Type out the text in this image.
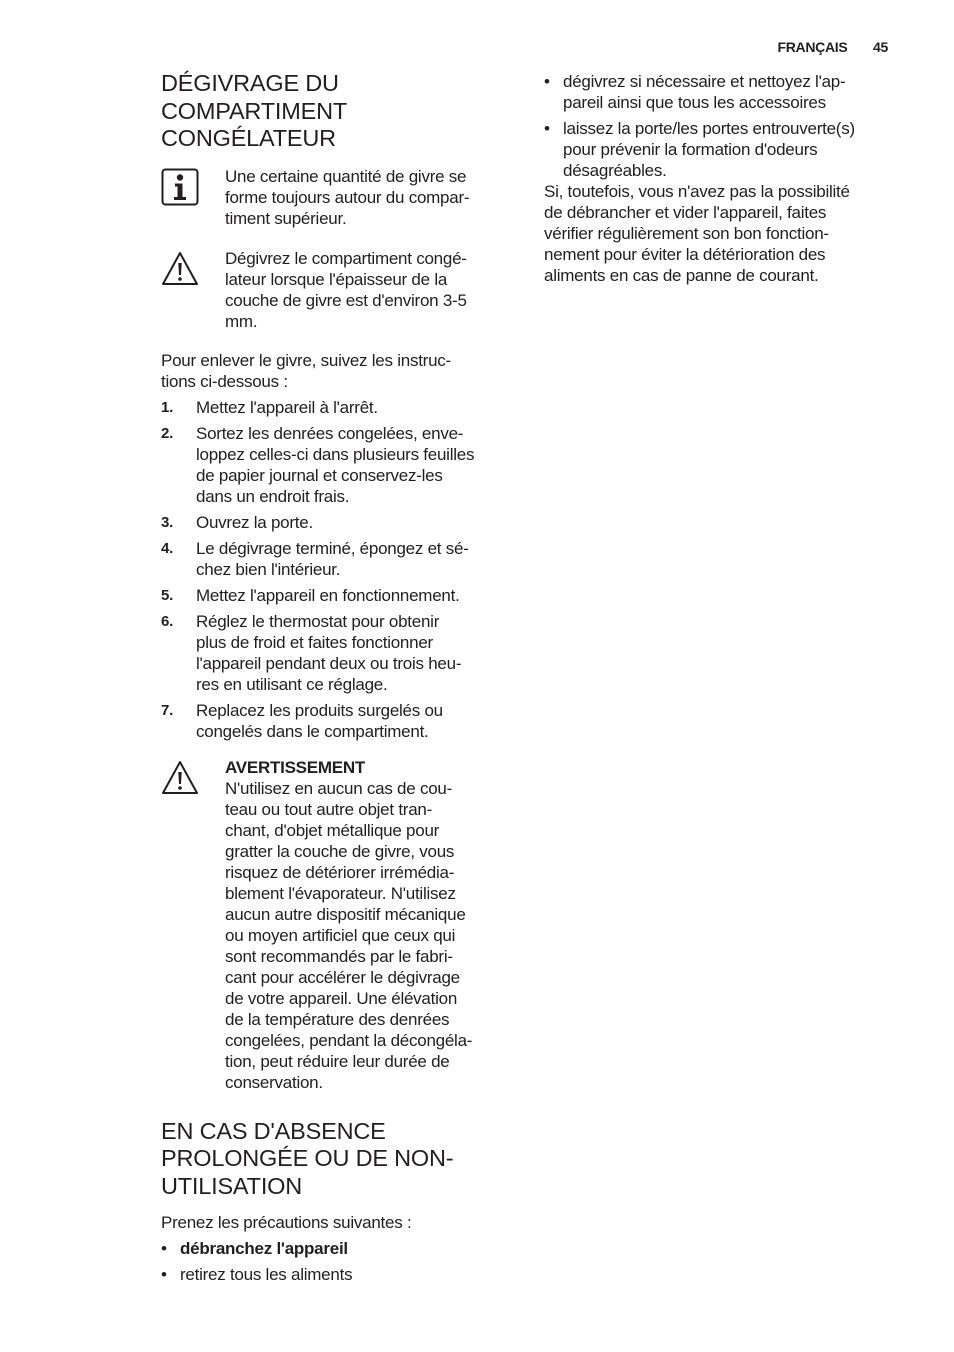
FRANÇAIS 45
DÉGIVRAGE DU
COMPARTIMENT
CONGÉLATEUR

Une certaine quantité de givre se
forme toujours autour du compar-
timent supérieur.

Dégivrez le compartiment congé-
lateur lorsque l'épaisseur de la
couche de givre est d'environ 3-5
mm.

Pour enlever le givre, suivez les instruc-
tions ci-dessous :

1. Mettez l'appareil à l'arrêt.
2. Sortez les denrées congelées, enve-
loppez celles-ci dans plusieurs feuilles
de papier journal et conservez-les
dans un endroit frais.
3. Ouvrez la porte.
4. Le dégivrage terminé, épongez et sé-
chez bien l'intérieur.
5. Mettez l'appareil en fonctionnement.
6. Réglez le thermostat pour obtenir
plus de froid et faites fonctionner
l'appareil pendant deux ou trois heu-
res en utilisant ce réglage.
7. Replacez les produits surgelés ou
congelés dans le compartiment.

AVERTISSEMENT
N'utilisez en aucun cas de cou-
teau ou tout autre objet tran-
chant, d'objet métallique pour
gratter la couche de givre, vous
risquez de détériorer irrémédia-
blement l'évaporateur. N'utilisez
aucun autre dispositif mécanique
ou moyen artificiel que ceux qui
sont recommandés par le fabri-
cant pour accélérer le dégivrage
de votre appareil. Une élévation
de la température des denrées
congelées, pendant la décongéla-
tion, peut réduire leur durée de
conservation.

EN CAS D'ABSENCE
PROLONGÉE OU DE NON-
UTILISATION

Prenez les précautions suivantes :

• débranchez l'appareil
• retirez tous les aliments
• dégivrez si nécessaire et nettoyez l'ap-
pareil ainsi que tous les accessoires
• laissez la porte/les portes entrouverte(s)
pour prévenir la formation d'odeurs
désagréables.

Si, toutefois, vous n'avez pas la possibilité
de débrancher et vider l'appareil, faites
vérifier régulièrement son bon fonction-
nement pour éviter la détérioration des
aliments en cas de panne de courant.
